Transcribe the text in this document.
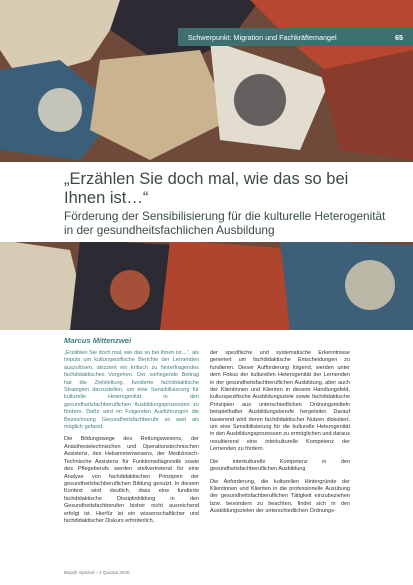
Schwerpunkt: Migration und Fachkräftemangel	65
„Erzählen Sie doch mal, wie das so bei Ihnen ist…“
Förderung der Sensibilisierung für die kulturelle Heterogenität in der gesundheitsfachlichen Ausbildung
Marcus Mittenzwei

„Erzählen Sie doch mal, wie das so bei Ihnen ist…“, als Impuls um kulturspezifische Berichte der Lernenden auszulösen, skizziert ein kritisch zu hinterfragendes fachdidaktisches Vorgehen. Der vorliegende Beitrag hat die Zielstellung, fundierte fachdidaktische Strategien darzustellen, um eine Sensibilisierung für kulturelle Heterogenität in den gesundheitsfachberuflichen Ausbildungsprozessen zu fördern. Dafür wird im Folgenden Ausführungen die Bezeichnung Gesundheitsfachberufe so weit als möglich gefasst.

Die Bildungswege des Rettungswesens, der Anästhesietechnischen und Operationstechnischen Assistenz, des Hebammenwesens, der Medizinisch-Technische Assistenz für Funktionsdiagnostik sowie des Pflegeberufs werden stellvertretend für eine Analyse von fachdidaktischen Prinzipien der gesundheitsfachberuflichen Bildung genutzt. In diesem Kontext wird deutlich, dass eine fundierte fachdidaktische Disziplinbildung in den Gesundheitsfachberufen bisher nicht ausreichend erfolgt ist. Hierfür ist ein wissenschaftlicher und fachdidaktischer Diskurs erforderlich,

der spezifische und systematische Erkenntnisse generiert um fachdidaktische Entscheidungen zu fundieren. Dieser Aufforderung folgend, werden unter dem Fokus der kulturellen Heterogenität der Lernenden in der gesundheitsfachberuflichen Ausbildung, aber auch der Klientinnen und Klienten in diesem Handlungsfeld, kulturspezifische Ausbildungsziele sowie fachdidaktische Prinzipien aus unterschiedlichen Ordnungsmitteln beispielhafter Ausbildungsberufe hergeleitet. Darauf basierend wird deren fachdidaktischer Nutzen diskutiert, um eine Sensibilisierung für die kulturelle Heterogenität in den Ausbildungsprozessen zu ermöglichen und daraus resultierend eine interkulturelle Kompetenz der Lernenden zu fördern.

Die interkulturelle Kompetenz in den gesundheitsfachberuflichen Ausbildung

Die Anforderung, die kulturellen Hintergründe der Klientinnen und Klienten in die professionelle Ausübung der gesundheitsfachberuflichen Tätigkeit einzubeziehen bzw. besonders zu beachten, findet sich in den Ausbildungszielen der unterschiedlichen Ordnungs-

Bwp@ Spezial – 2 Quartal 2020
